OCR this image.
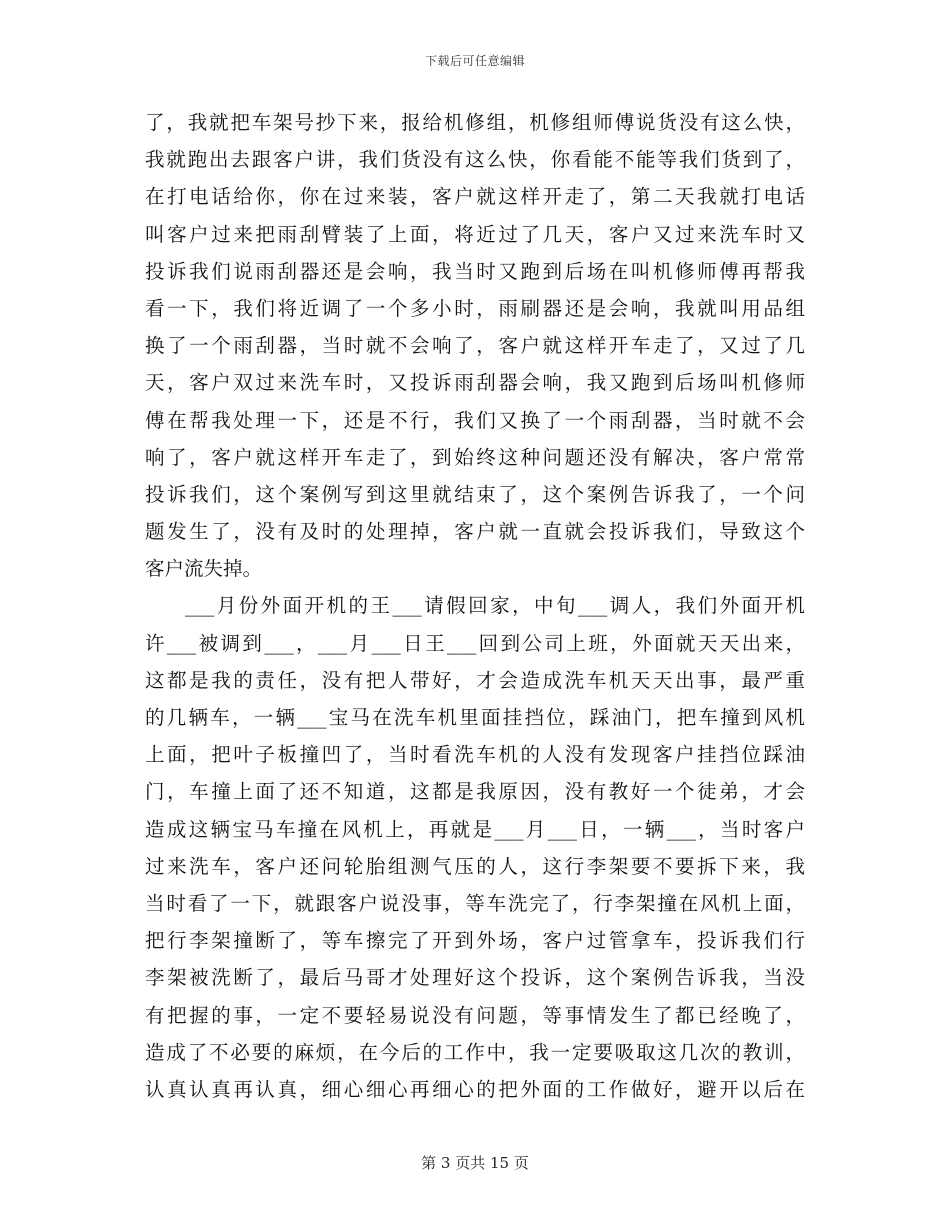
下载后可任意编辑
了，我就把车架号抄下来，报给机修组，机修组师傅说货没有这么快，
我就跑出去跟客户讲，我们货没有这么快，你看能不能等我们货到了，
在打电话给你，你在过来装，客户就这样开走了，第二天我就打电话
叫客户过来把雨刮臂装了上面，将近过了几天，客户又过来洗车时又
投诉我们说雨刮器还是会响，我当时又跑到后场在叫机修师傅再帮我
看一下，我们将近调了一个多小时，雨刷器还是会响，我就叫用品组
换了一个雨刮器，当时就不会响了，客户就这样开车走了，又过了几
天，客户双过来洗车时，又投诉雨刮器会响，我又跑到后场叫机修师
傅在帮我处理一下，还是不行，我们又换了一个雨刮器，当时就不会
响了，客户就这样开车走了，到始终这种问题还没有解决，客户常常
投诉我们，这个案例写到这里就结束了，这个案例告诉我了，一个问
题发生了，没有及时的处理掉，客户就一直就会投诉我们，导致这个
客户流失掉。
___月份外面开机的王___请假回家，中旬___调人，我们外面开机
许___被调到___，___月___日王___回到公司上班，外面就天天出来，
这都是我的责任，没有把人带好，才会造成洗车机天天出事，最严重
的几辆车，一辆___宝马在洗车机里面挂挡位，踩油门，把车撞到风机
上面，把叶子板撞凹了，当时看洗车机的人没有发现客户挂挡位踩油
门，车撞上面了还不知道，这都是我原因，没有教好一个徒弟，才会
造成这辆宝马车撞在风机上，再就是___月___日，一辆___，当时客户
过来洗车，客户还问轮胎组测气压的人，这行李架要不要拆下来，我
当时看了一下，就跟客户说没事，等车洗完了，行李架撞在风机上面，
把行李架撞断了，等车擦完了开到外场，客户过管拿车，投诉我们行
李架被洗断了，最后马哥才处理好这个投诉，这个案例告诉我，当没
有把握的事，一定不要轻易说没有问题，等事情发生了都已经晚了，
造成了不必要的麻烦，在今后的工作中，我一定要吸取这几次的教训，
认真认真再认真，细心细心再细心的把外面的工作做好，避开以后在
第 3 页共 15 页
